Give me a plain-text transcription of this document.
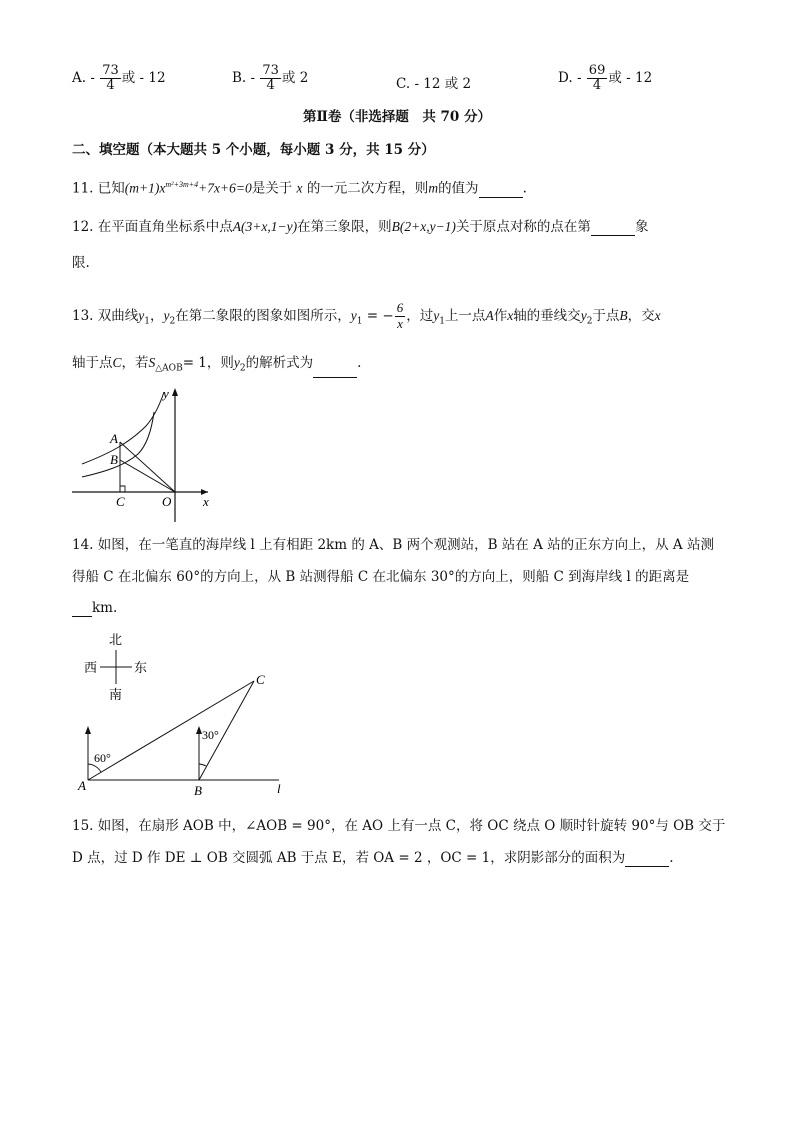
A. - $\frac{73}{4}$ 或 - 12	B. - $\frac{73}{4}$ 或 2	C. - 12 或 2	D. - $\frac{69}{4}$ 或 - 12
第Ⅱ卷（非选择题　共 70 分）
二、填空题（本大题共 5 个小题，每小题 3 分，共 15 分）
11. 已知$(m+1)x^{m^2+3m+4}+7x+6=0$是关于 x 的一元二次方程，则m的值为	.
12. 在平面直角坐标系中点A(3+x,1−y)在第三象限，则B(2+x,y−1)关于原点对称的点在第	象
限.
13. 双曲线$y_1$，$y_2$在第二象限的图象如图所示，$y_1$ = − $\frac{6}{x}$ ，过$y_1$上一点A作x轴的垂线交$y_2$于点B，交x
轴于点C，若$S_{\triangle AOB}= 1$，则$y_2$的解析式为	.
y
x
A
B
C	O
14. 如图，在一笔直的海岸线 l 上有相距 2km 的 A、B 两个观测站，B 站在 A 站的正东方向上，从 A 站测
得船 C 在北偏东 60°的方向上，从 B 站测得船 C 在北偏东 30°的方向上，则船 C 到海岸线 l 的距离是
km.
北
南
西	东
60°
30°
A	B
C
l
15. 如图，在扇形 AOB 中，∠AOB = 90°，在 AO 上有一点 C，将 OC 绕点 O 顺时针旋转 90°与 OB 交于
D 点，过 D 作 DE ⊥ OB 交圆弧 AB 于点 E，若 OA = 2 ，OC = 1，求阴影部分的面积为	.
